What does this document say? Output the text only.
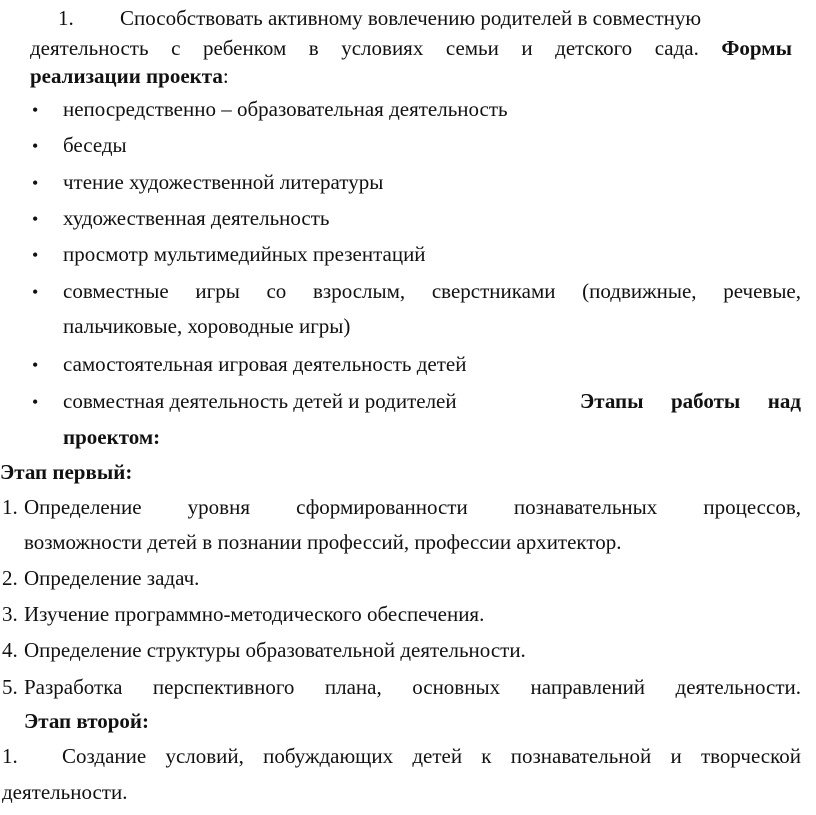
1. Способствовать активному вовлечению родителей в совместную
деятельность с ребенком в условиях семьи и детского сада. Формы
реализации проекта:
• непосредственно – образовательная деятельность
• беседы
• чтение художественной литературы
• художественная деятельность
• просмотр мультимедийных презентаций
• совместные игры со взрослым, сверстниками (подвижные, речевые,
пальчиковые, хороводные игры)
• самостоятельная игровая деятельность детей
• совместная деятельность детей и родителей	Этапы работы над
проектом:
Этап первый:
1. Определение уровня сформированности познавательных процессов,
возможности детей в познании профессий, профессии архитектор.
2. Определение задач.
3. Изучение программно-методического обеспечения.
4. Определение структуры образовательной деятельности.
5. Разработка перспективного плана, основных направлений деятельности.
Этап второй:
1. Создание условий, побуждающих детей к познавательной и творческой
деятельности.
